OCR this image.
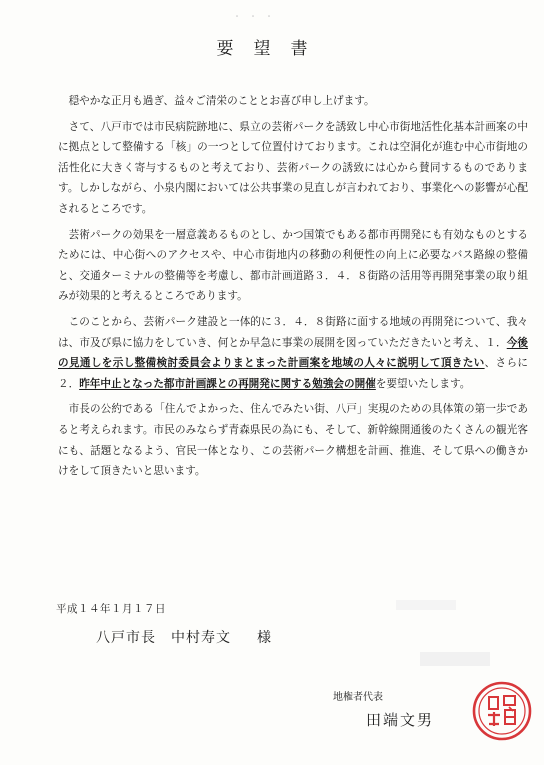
・・・
要望書

穏やかな正月も過ぎ、益々ご清栄のこととお喜び申し上げます。

さて、八戸市では市民病院跡地に、県立の芸術パークを誘致し中心市街地活性化基本計画案の中に拠点として整備する「核」の一つとして位置付けております。これは空洞化が進む中心市街地の活性化に大きく寄与するものと考えており、芸術パークの誘致には心から賛同するものであります。しかしながら、小泉内閣においては公共事業の見直しが言われており、事業化への影響が心配されるところです。

芸術パークの効果を一層意義あるものとし、かつ国策でもある都市再開発にも有効なものとするためには、中心街へのアクセスや、中心市街地内の移動の利便性の向上に必要なバス路線の整備と、交通ターミナルの整備等を考慮し、都市計画道路３．４．８街路の活用等再開発事業の取り組みが効果的と考えるところであります。

このことから、芸術パーク建設と一体的に３．４．８街路に面する地域の再開発について、我々は、市及び県に協力をしていき、何とか早急に事業の展開を図っていただきたいと考え、１．今後の見通しを示し整備検討委員会よりまとまった計画案を地域の人々に説明して頂きたい、さらに２．昨年中止となった都市計画課との再開発に関する勉強会の開催を要望いたします。

市長の公約である「住んでよかった、住んでみたい街、八戸」実現のための具体策の第一歩であると考えられます。市民のみならず青森県民の為にも、そして、新幹線開通後のたくさんの観光客にも、話題となるよう、官民一体となり、この芸術パーク構想を計画、推進、そして県への働きかけをして頂きたいと思います。

平成１４年１月１７日
八戸市長　中村寿文 様
地権者代表
田端文男
